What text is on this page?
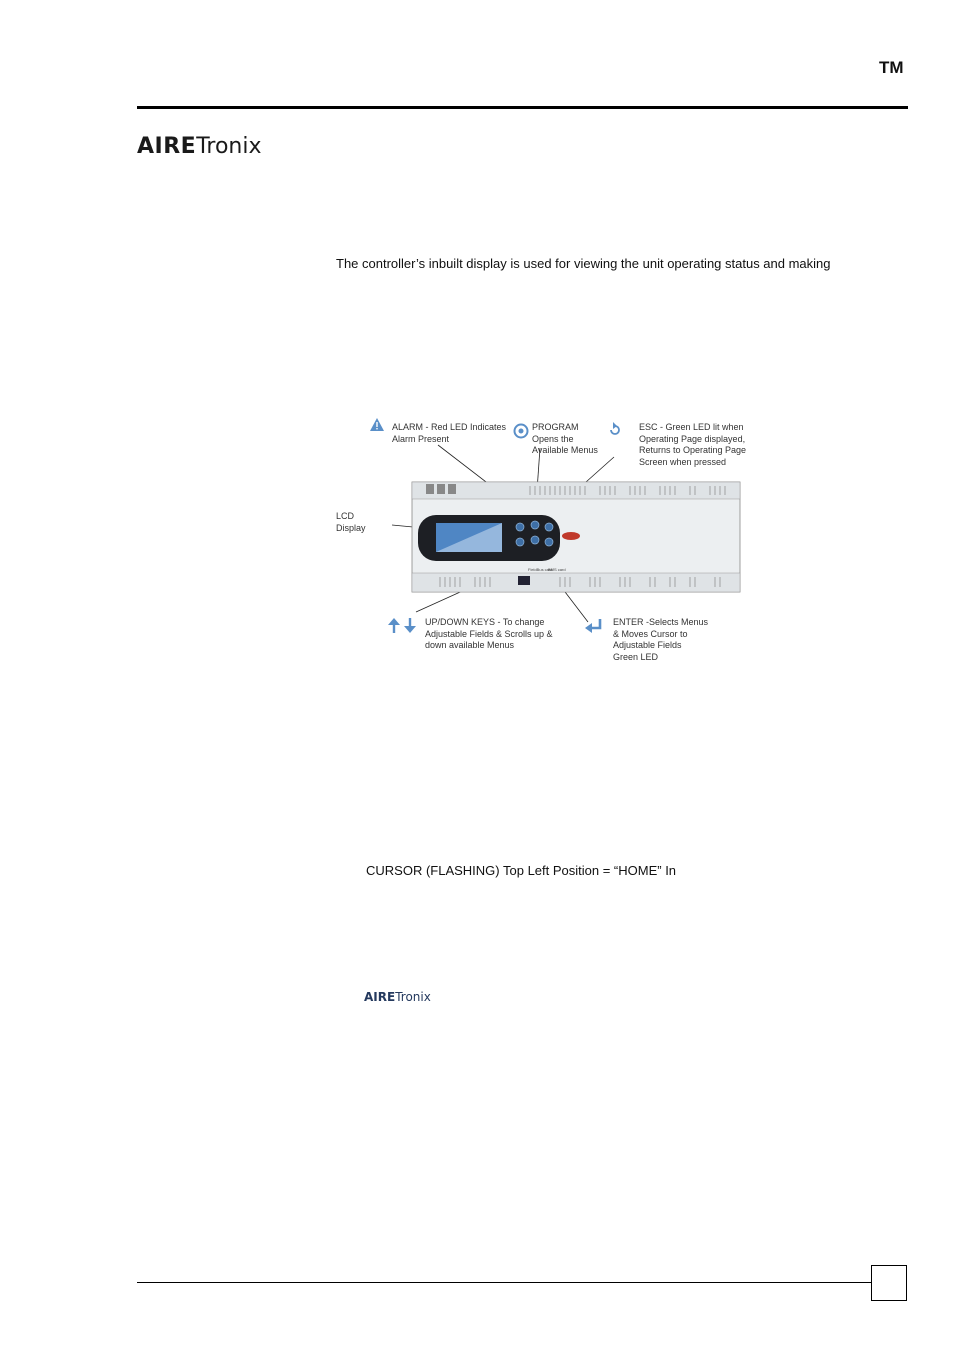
TM
AIRETronix
The controller’s inbuilt display is used for viewing the unit operating status and making
FieldBus card
BMS card
ALARM - Red LED Indicates
Alarm Present
PROGRAM
Opens the
Available Menus
ESC - Green LED lit when
Operating Page displayed,
Returns to Operating Page
Screen when pressed
LCD
Display
UP/DOWN KEYS - To change
Adjustable Fields & Scrolls up &
down available Menus
ENTER -Selects Menus
& Moves Cursor to
Adjustable Fields
Green LED
CURSOR (FLASHING) Top Left Position = “HOME” In
AIRETronix
